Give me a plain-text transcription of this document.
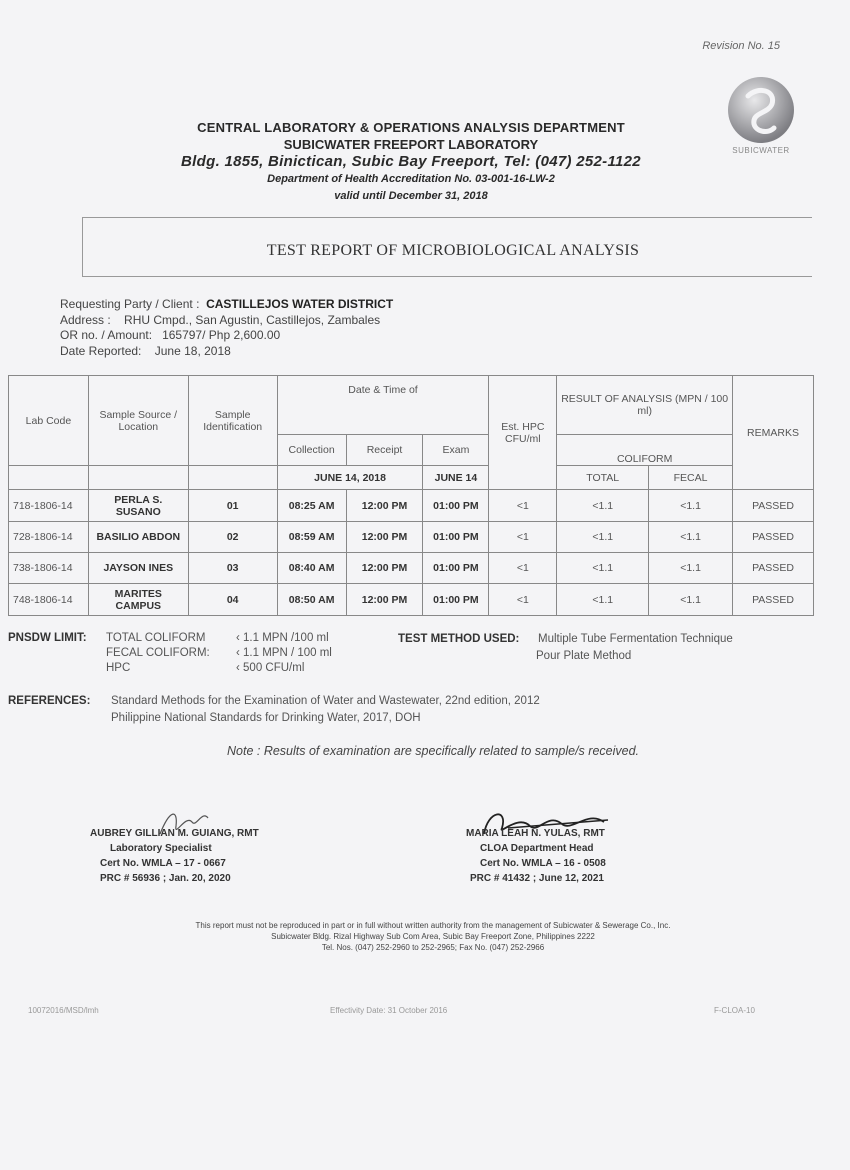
Revision No. 15
SUBICWATER
CENTRAL LABORATORY & OPERATIONS ANALYSIS DEPARTMENT
SUBICWATER FREEPORT LABORATORY
Bldg. 1855, Binictican, Subic Bay Freeport, Tel: (047) 252-1122
Department of Health Accreditation No. 03-001-16-LW-2
valid until December 31, 2018
TEST REPORT OF MICROBIOLOGICAL ANALYSIS
Requesting Party / Client : CASTILLEJOS WATER DISTRICT
Address : RHU Cmpd., San Agustin, Castillejos, Zambales
OR no. / Amount: 165797/ Php 2,600.00
Date Reported: June 18, 2018
Lab Code	Sample Source / Location	Sample Identification	Date & Time of			Est. HPC CFU/ml	RESULT OF ANALYSIS (MPN / 100 ml)		REMARKS
			Collection	Receipt	Exam		COLIFORM		
			JUNE 14, 2018		JUNE 14		TOTAL	FECAL	
718-1806-14	PERLA S. SUSANO	01	08:25 AM	12:00 PM	01:00 PM	<1	<1.1	<1.1	PASSED
728-1806-14	BASILIO ABDON	02	08:59 AM	12:00 PM	01:00 PM	<1	<1.1	<1.1	PASSED
738-1806-14	JAYSON INES	03	08:40 AM	12:00 PM	01:00 PM	<1	<1.1	<1.1	PASSED
748-1806-14	MARITES CAMPUS	04	08:50 AM	12:00 PM	01:00 PM	<1	<1.1	<1.1	PASSED
PNSDW LIMIT: TOTAL COLIFORM	‹ 1.1 MPN /100 ml
FECAL COLIFORM: ‹ 1.1 MPN / 100 ml
HPC	‹ 500 CFU/ml
TEST METHOD USED: Multiple Tube Fermentation Technique
Pour Plate Method
REFERENCES: Standard Methods for the Examination of Water and Wastewater, 22nd edition, 2012
Philippine National Standards for Drinking Water, 2017, DOH
Note : Results of examination are specifically related to sample/s received.
AUBREY GILLIAN M. GUIANG, RMT
Laboratory Specialist
Cert No. WMLA – 17 - 0667
PRC # 56936 ; Jan. 20, 2020
MARIA LEAH N. YULAS, RMT
CLOA Department Head
Cert No. WMLA – 16 - 0508
PRC # 41432 ; June 12, 2021
This report must not be reproduced in part or in full without written authority from the management of Subicwater & Sewerage Co., Inc.
Subicwater Bldg. Rizal Highway Sub Com Area, Subic Bay Freeport Zone, Philippines 2222
Tel. Nos. (047) 252-2960 to 252-2965; Fax No. (047) 252-2966
10072016/MSD/lmh	Effectivity Date: 31 October 2016	F-CLOA-10
